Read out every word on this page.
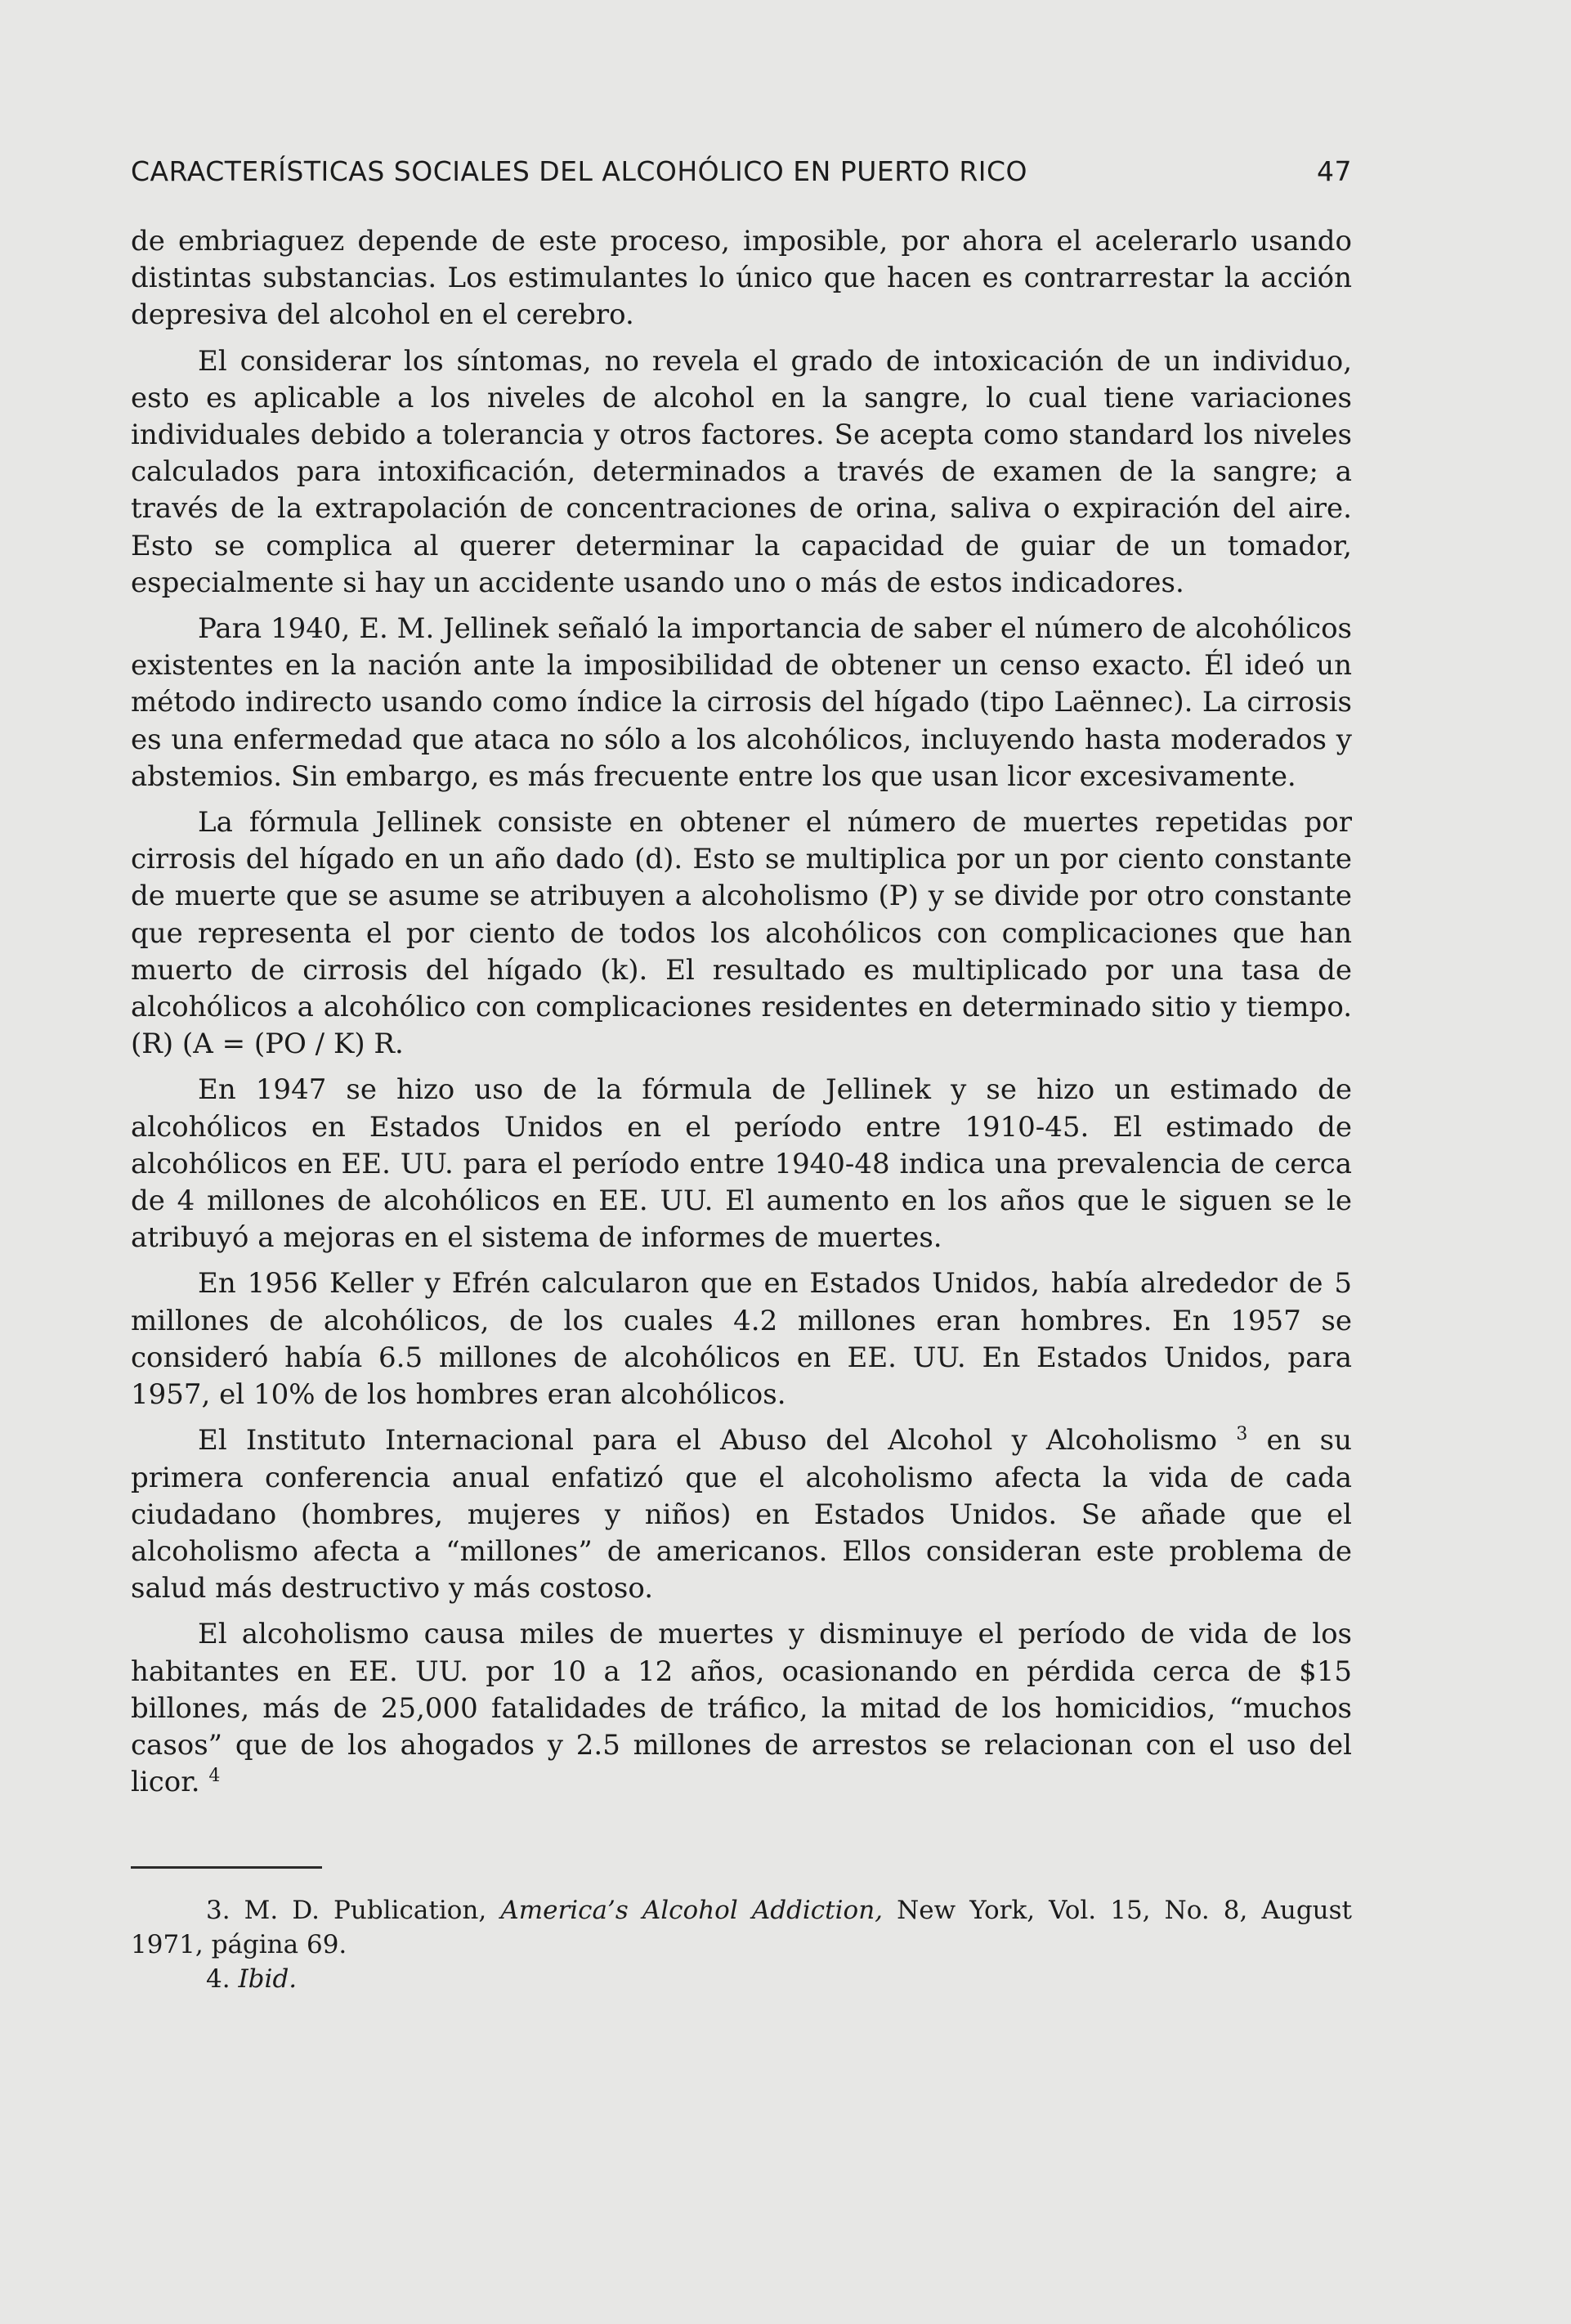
CARACTERÍSTICAS SOCIALES DEL ALCOHÓLICO EN PUERTO RICO	47

de embriaguez depende de este proceso, imposible, por ahora el acelerarlo usando distintas substancias. Los estimulantes lo único que hacen es contrarrestar la acción depresiva del alcohol en el cerebro.

El considerar los síntomas, no revela el grado de intoxicación de un individuo, esto es aplicable a los niveles de alcohol en la sangre, lo cual tiene variaciones individuales debido a tolerancia y otros factores. Se acepta como standard los niveles calculados para intoxificación, determinados a través de examen de la sangre; a través de la extrapolación de concentraciones de orina, saliva o expiración del aire. Esto se complica al querer determinar la capacidad de guiar de un tomador, especialmente si hay un accidente usando uno o más de estos indicadores.

Para 1940, E. M. Jellinek señaló la importancia de saber el número de alcohólicos existentes en la nación ante la imposibilidad de obtener un censo exacto. Él ideó un método indirecto usando como índice la cirrosis del hígado (tipo Laënnec). La cirrosis es una enfermedad que ataca no sólo a los alcohólicos, incluyendo hasta moderados y abstemios. Sin embargo, es más frecuente entre los que usan licor excesivamente.

La fórmula Jellinek consiste en obtener el número de muertes repetidas por cirrosis del hígado en un año dado (d). Esto se multiplica por un por ciento constante de muerte que se asume se atribuyen a alcoholismo (P) y se divide por otro constante que representa el por ciento de todos los alcohólicos con complicaciones que han muerto de cirrosis del hígado (k). El resultado es multiplicado por una tasa de alcohólicos a alcohólico con complicaciones residentes en determinado sitio y tiempo. (R) (A = (PO / K) R.

En 1947 se hizo uso de la fórmula de Jellinek y se hizo un estimado de alcohólicos en Estados Unidos en el período entre 1910-45. El estimado de alcohólicos en EE. UU. para el período entre 1940-48 indica una prevalencia de cerca de 4 millones de alcohólicos en EE. UU. El aumento en los años que le siguen se le atribuyó a mejoras en el sistema de informes de muertes.

En 1956 Keller y Efrén calcularon que en Estados Unidos, había alrededor de 5 millones de alcohólicos, de los cuales 4.2 millones eran hombres. En 1957 se consideró había 6.5 millones de alcohólicos en EE. UU. En Estados Unidos, para 1957, el 10% de los hombres eran alcohólicos.

El Instituto Internacional para el Abuso del Alcohol y Alcoholismo $^3$ en su primera conferencia anual enfatizó que el alcoholismo afecta la vida de cada ciudadano (hombres, mujeres y niños) en Estados Unidos. Se añade que el alcoholismo afecta a “millones” de americanos. Ellos consideran este problema de salud más destructivo y más costoso.

El alcoholismo causa miles de muertes y disminuye el período de vida de los habitantes en EE. UU. por 10 a 12 años, ocasionando en pérdida cerca de $15 billones, más de 25,000 fatalidades de tráfico, la mitad de los homicidios, “muchos casos” que de los ahogados y 2.5 millones de arrestos se relacionan con el uso del licor. $^4$

3. M. D. Publication, America’s Alcohol Addiction, New York, Vol. 15, No. 8, August 1971, página 69.

4. Ibid.
